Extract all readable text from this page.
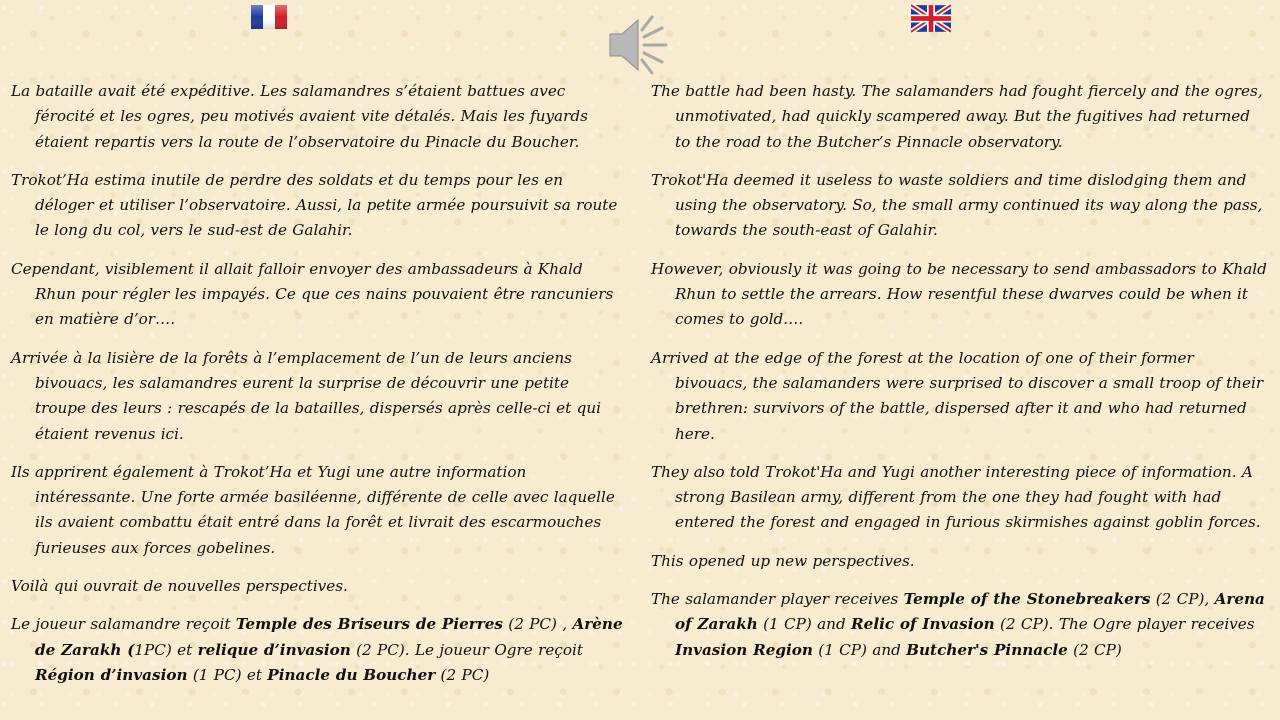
La bataille avait été expéditive. Les salamandres s’étaient battues avec férocité et les ogres, peu motivés avaient vite détalés. Mais les fuyards étaient repartis vers la route de l’observatoire du Pinacle du Boucher.

Trokot’Ha estima inutile de perdre des soldats et du temps pour les en déloger et utiliser l’observatoire. Aussi, la petite armée poursuivit sa route le long du col, vers le sud-est de Galahir.

Cependant, visiblement il allait falloir envoyer des ambassadeurs à Khald Rhun pour régler les impayés. Ce que ces nains pouvaient être rancuniers en matière d’or….

Arrivée à la lisière de la forêts à l’emplacement de l’un de leurs anciens bivouacs, les salamandres eurent la surprise de découvrir une petite troupe des leurs : rescapés de la batailles, dispersés après celle-ci et qui étaient revenus ici.

Ils apprirent également à Trokot’Ha et Yugi une autre information intéressante. Une forte armée basiléenne, différente de celle avec laquelle ils avaient combattu était entré dans la forêt et livrait des escarmouches furieuses aux forces gobelines.

Voilà qui ouvrait de nouvelles perspectives.

Le joueur salamandre reçoit Temple des Briseurs de Pierres (2 PC) , Arène de Zarakh (1PC) et relique d’invasion (2 PC). Le joueur Ogre reçoit Région d’invasion (1 PC) et Pinacle du Boucher (2 PC)

The battle had been hasty. The salamanders had fought fiercely and the ogres, unmotivated, had quickly scampered away. But the fugitives had returned to the road to the Butcher’s Pinnacle observatory.

Trokot'Ha deemed it useless to waste soldiers and time dislodging them and using the observatory. So, the small army continued its way along the pass, towards the south-east of Galahir.

However, obviously it was going to be necessary to send ambassadors to Khald Rhun to settle the arrears. How resentful these dwarves could be when it comes to gold….

Arrived at the edge of the forest at the location of one of their former bivouacs, the salamanders were surprised to discover a small troop of their brethren: survivors of the battle, dispersed after it and who had returned here.

They also told Trokot'Ha and Yugi another interesting piece of information. A strong Basilean army, different from the one they had fought with had entered the forest and engaged in furious skirmishes against goblin forces.

This opened up new perspectives.

The salamander player receives Temple of the Stonebreakers (2 CP), Arena of Zarakh (1 CP) and Relic of Invasion (2 CP). The Ogre player receives Invasion Region (1 CP) and Butcher's Pinnacle (2 CP)
